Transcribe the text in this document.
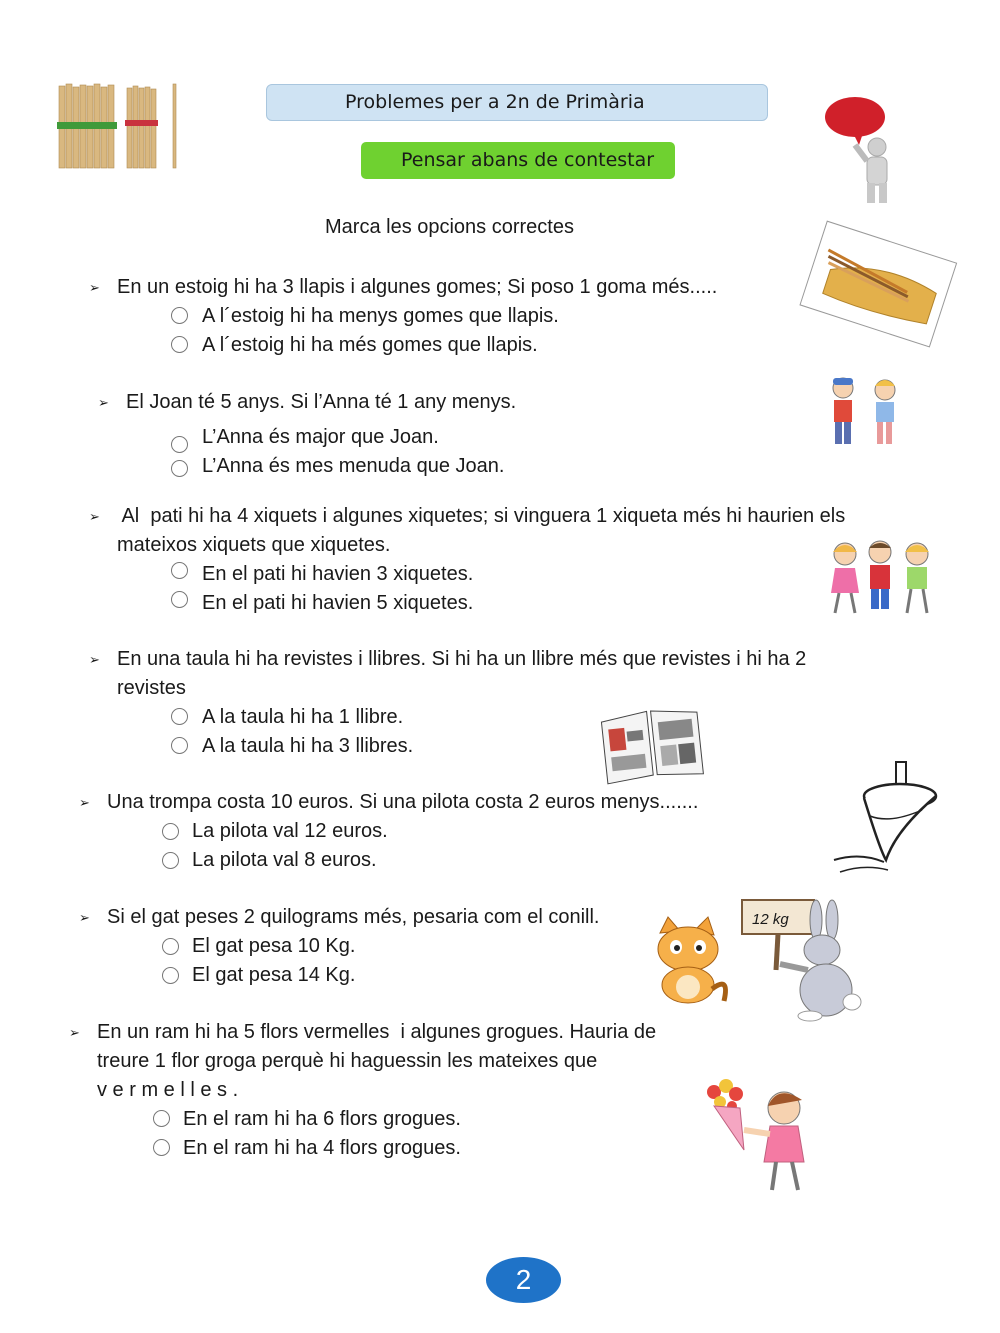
Problemes per a 2n de Primària
Pensar abans de contestar
Marca les opcions correctes
➢ En un estoig hi ha 3 llapis i algunes gomes; Si poso 1 goma més.....
A l´estoig hi ha menys gomes que llapis.
A l´estoig hi ha més gomes que llapis.
➢ El Joan té 5 anys. Si l’Anna té 1 any menys.
L’Anna és major que Joan.
L’Anna és mes menuda que Joan.
➢ Al  pati hi ha 4 xiquets i algunes xiquetes; si vinguera 1 xiqueta més hi haurien els
mateixos xiquets que xiquetes.
En el pati hi havien 3 xiquetes.
En el pati hi havien 5 xiquetes.
➢ En una taula hi ha revistes i llibres. Si hi ha un llibre més que revistes i hi ha 2
revistes
A la taula hi ha 1 llibre.
A la taula hi ha 3 llibres.
➢ Una trompa costa 10 euros. Si una pilota costa 2 euros menys.......
La pilota val 12 euros.
La pilota val 8 euros.
➢ Si el gat peses 2 quilograms més, pesaria com el conill.
El gat pesa 10 Kg.
El gat pesa 14 Kg.
12 kg
➢ En un ram hi ha 5 flors vermelles  i algunes grogues. Hauria de
treure 1 flor groga perquè hi haguessin les mateixes que
v e r m e l l e s .
En el ram hi ha 6 flors grogues.
En el ram hi ha 4 flors grogues.
2
